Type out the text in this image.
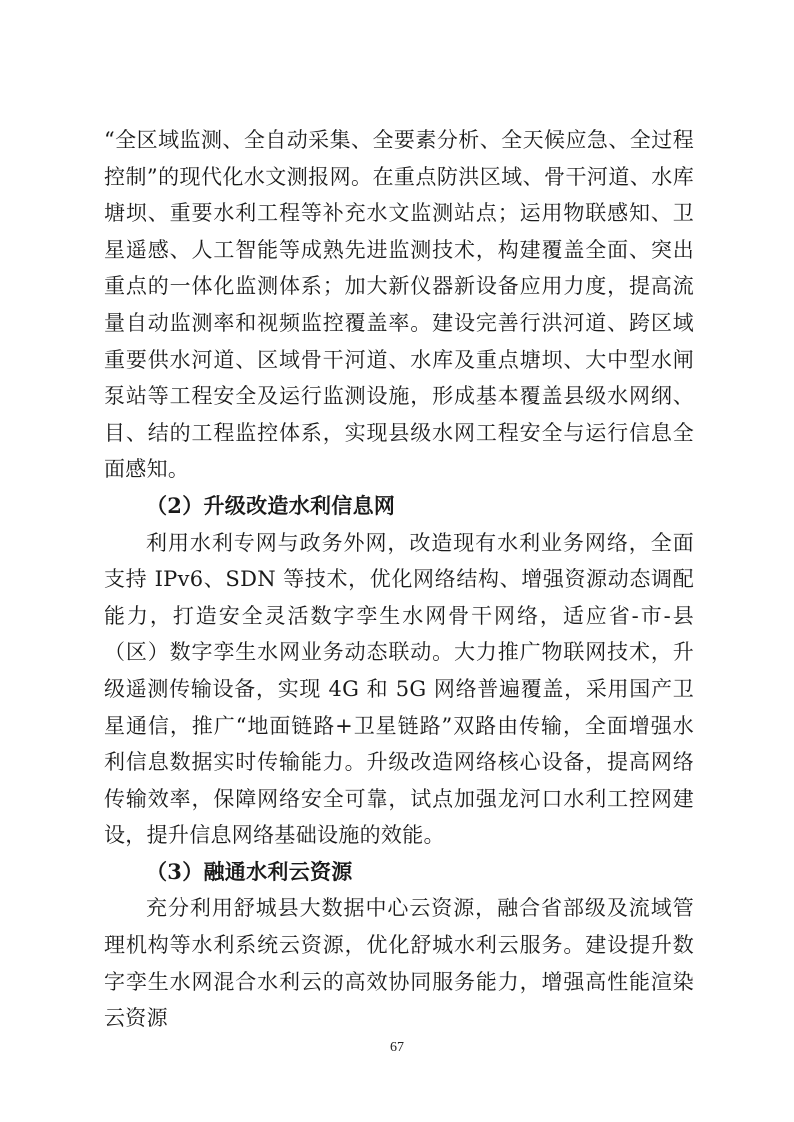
“全区域监测、全自动采集、全要素分析、全天候应急、全过程控制”的现代化水文测报网。在重点防洪区域、骨干河道、水库塘坝、重要水利工程等补充水文监测站点；运用物联感知、卫星遥感、人工智能等成熟先进监测技术，构建覆盖全面、突出重点的一体化监测体系；加大新仪器新设备应用力度，提高流量自动监测率和视频监控覆盖率。建设完善行洪河道、跨区域重要供水河道、区域骨干河道、水库及重点塘坝、大中型水闸泵站等工程安全及运行监测设施，形成基本覆盖县级水网纲、目、结的工程监控体系，实现县级水网工程安全与运行信息全面感知。

（2）升级改造水利信息网

利用水利专网与政务外网，改造现有水利业务网络，全面支持 IPv6、SDN 等技术，优化网络结构、增强资源动态调配能力，打造安全灵活数字孪生水网骨干网络，适应省-市-县（区）数字孪生水网业务动态联动。大力推广物联网技术，升级遥测传输设备，实现 4G 和 5G 网络普遍覆盖，采用国产卫星通信，推广“地面链路+卫星链路”双路由传输，全面增强水利信息数据实时传输能力。升级改造网络核心设备，提高网络传输效率，保障网络安全可靠，试点加强龙河口水利工控网建设，提升信息网络基础设施的效能。

（3）融通水利云资源

充分利用舒城县大数据中心云资源，融合省部级及流域管理机构等水利系统云资源，优化舒城水利云服务。建设提升数字孪生水网混合水利云的高效协同服务能力，增强高性能渲染云资源

67
